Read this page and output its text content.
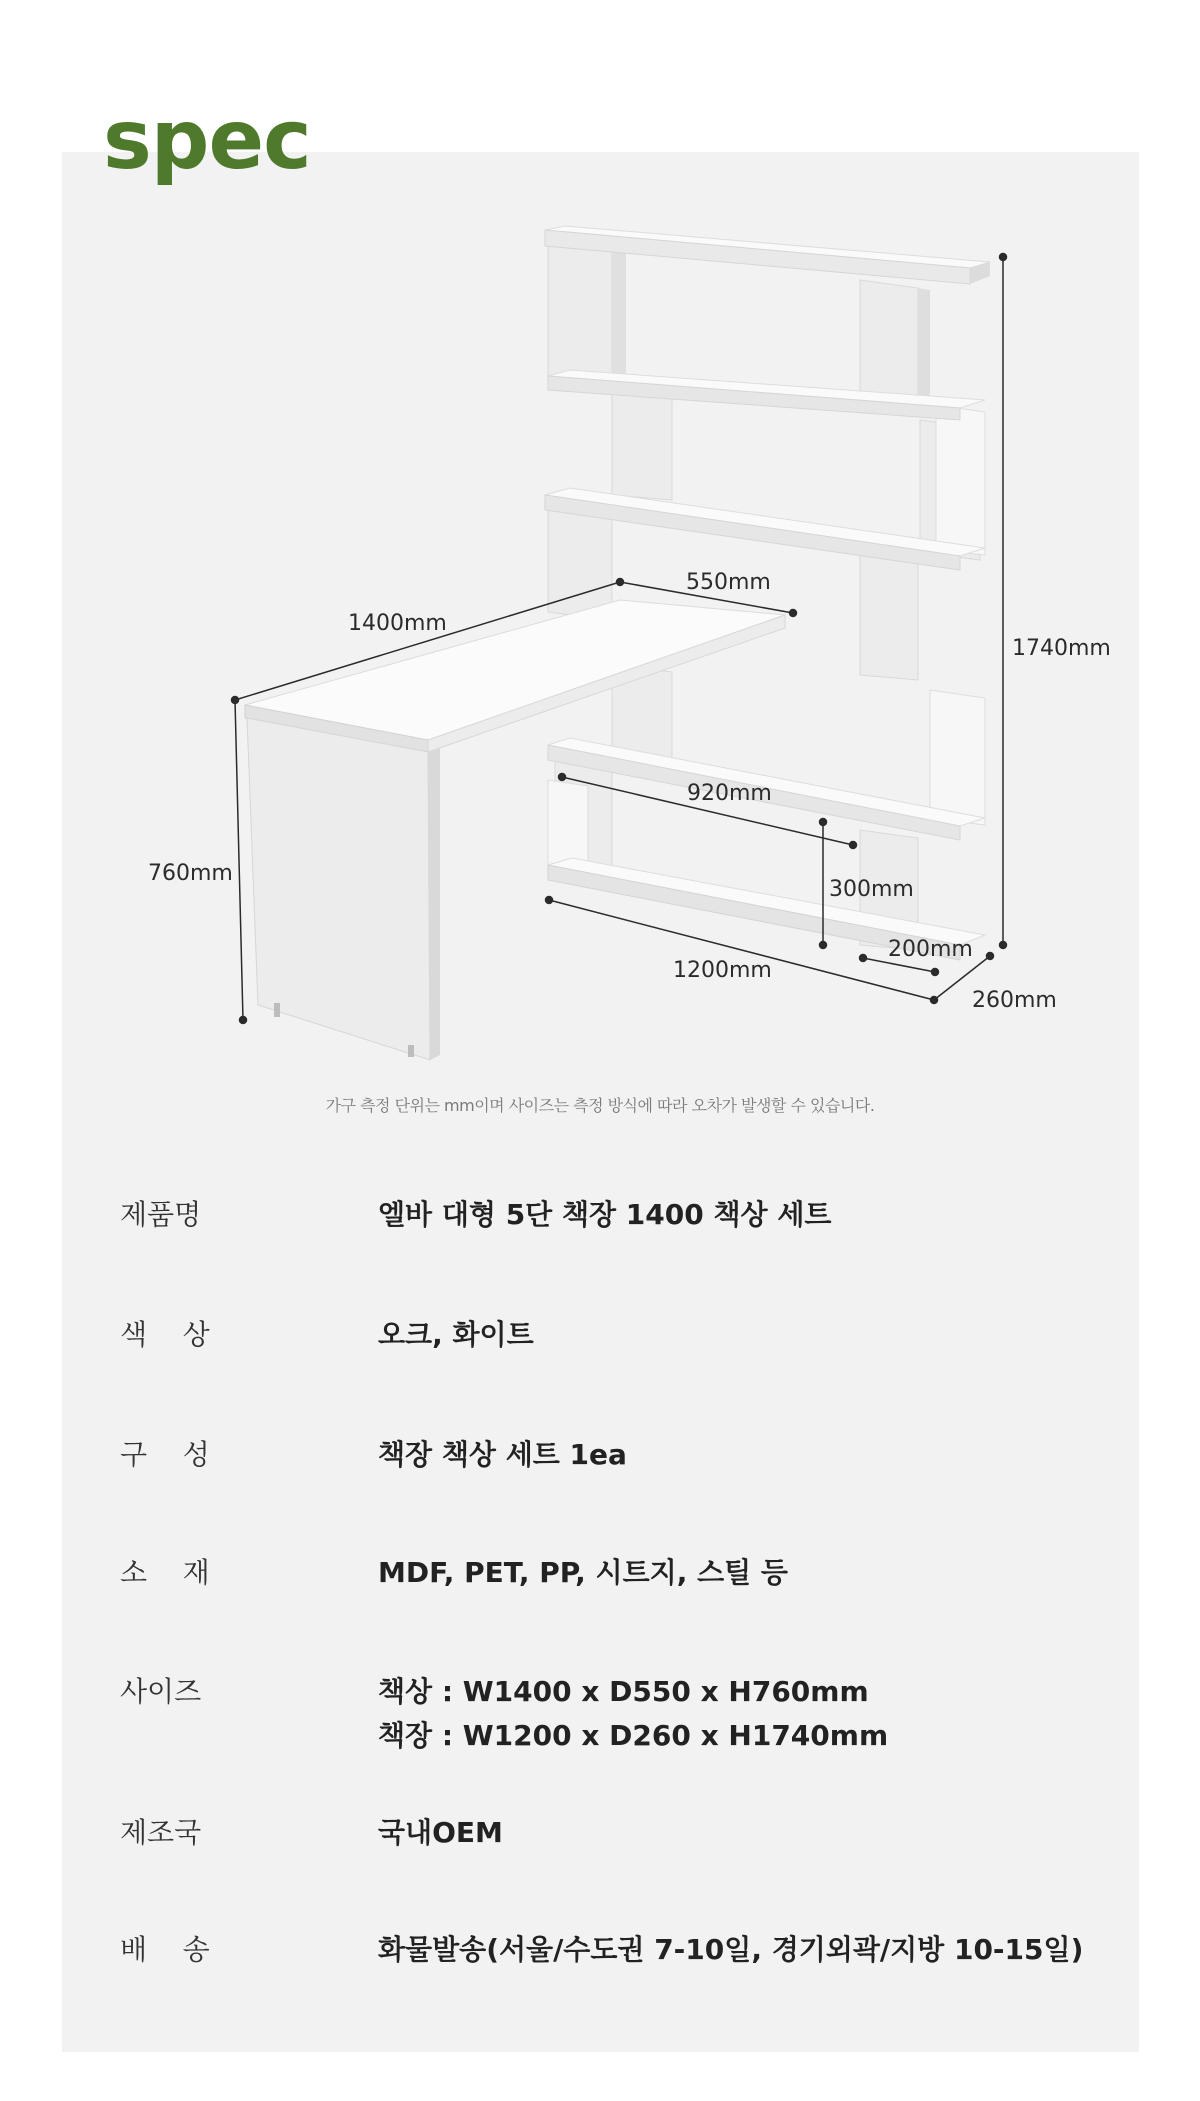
spec
1400mm
550mm
760mm
1740mm
920mm
300mm
200mm
1200mm
260mm
가구 측정 단위는 mm이며 사이즈는 측정 방식에 따라 오차가 발생할 수 있습니다.
제품명	엘바 대형 5단 책장 1400 책상 세트
색    상	오크, 화이트
구    성	책장 책상 세트 1ea
소    재	MDF, PET, PP, 시트지, 스틸 등
사이즈	책상 : W1400 x D550 x H760mm
책장 : W1200 x D260 x H1740mm
제조국	국내OEM
배    송	화물발송(서울/수도권 7-10일, 경기외곽/지방 10-15일)
